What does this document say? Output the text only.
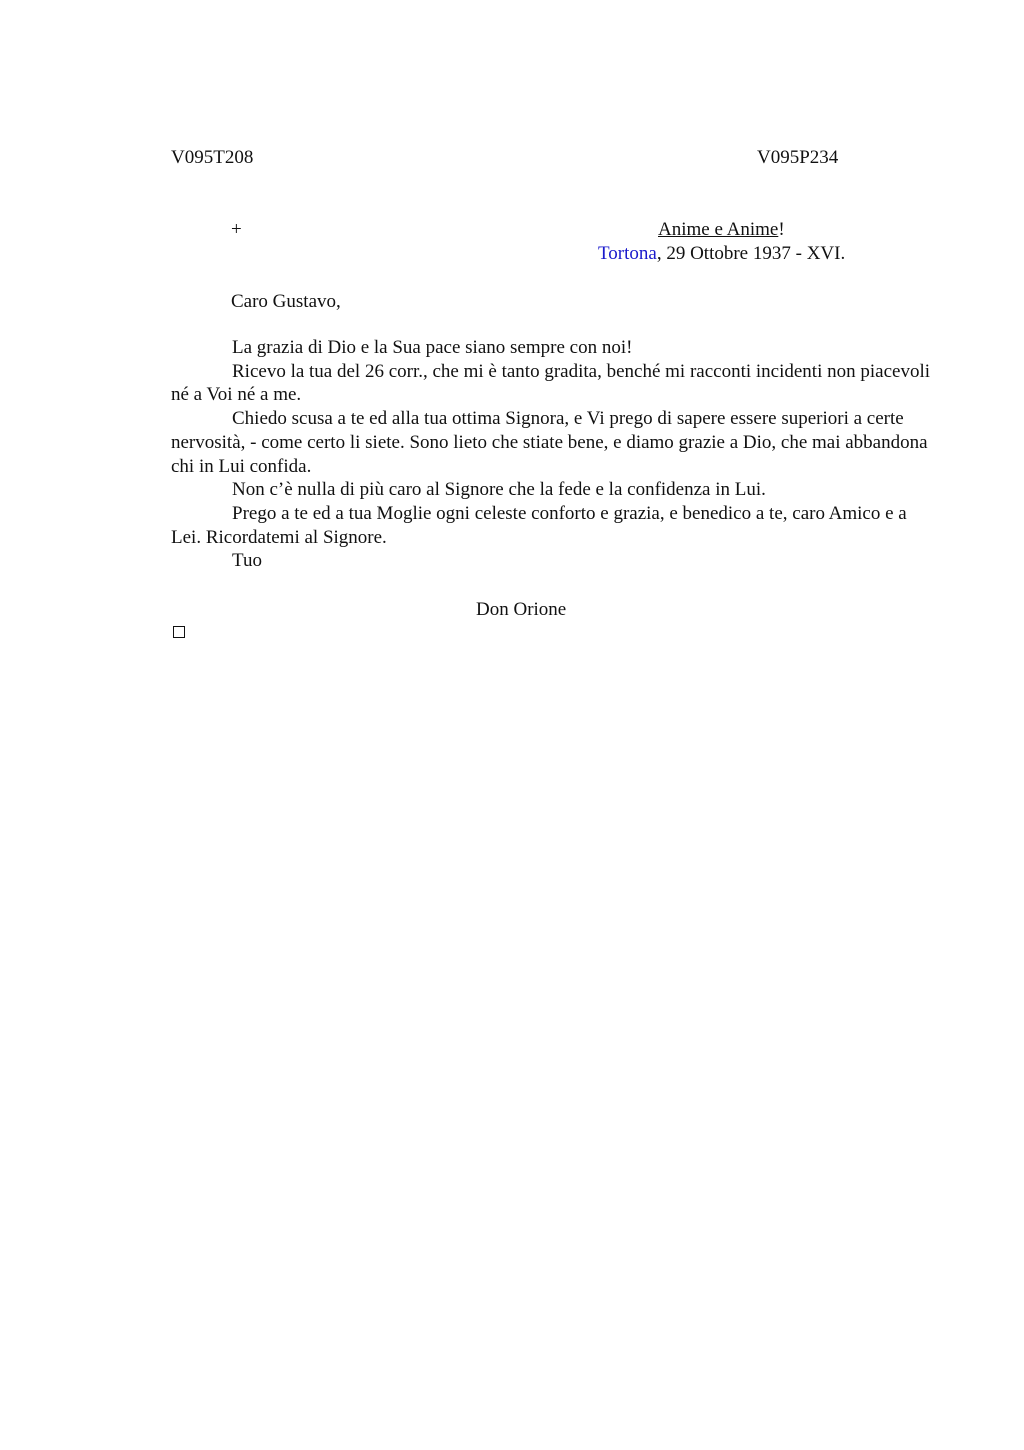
V095T208	V095P234
+	Anime e Anime!
Tortona, 29 Ottobre 1937 - XVI.
Caro Gustavo,

La grazia di Dio e la Sua pace siano sempre con noi!

Ricevo la tua del 26 corr., che mi è tanto gradita, benché mi racconti incidenti non piacevoli né a Voi né a me.

Chiedo scusa a te ed alla tua ottima Signora, e Vi prego di sapere essere superiori a certe nervosità, - come certo li siete. Sono lieto che stiate bene, e diamo grazie a Dio, che mai abbandona chi in Lui confida.

Non c’è nulla di più caro al Signore che la fede e la confidenza in Lui.

Prego a te ed a tua Moglie ogni celeste conforto e grazia, e benedico a te, caro Amico e a Lei. Ricordatemi al Signore.

Tuo

Don Orione
